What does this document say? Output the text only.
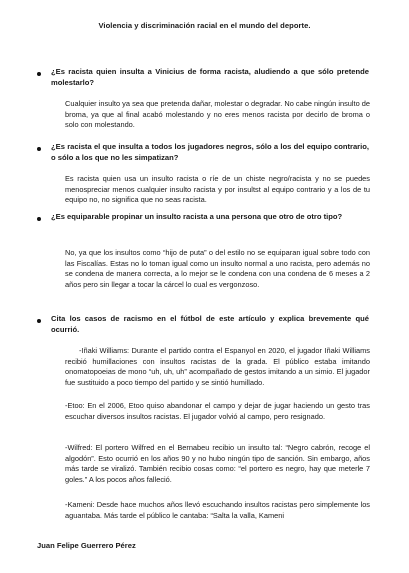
Violencia y discriminación racial en el mundo del deporte.
¿Es racista quien insulta a Vinicius de forma racista, aludiendo a que sólo pretende molestarlo?
Cualquier insulto ya sea que pretenda dañar, molestar o degradar. No cabe ningún insulto de broma, ya que al final acabó molestando y no eres menos racista por decirlo de broma o solo con molestando.
¿Es racista el que insulta a todos los jugadores negros, sólo a los del equipo contrario, o sólo a los que no les simpatizan?
Es racista quien usa un insulto racista o ríe de un chiste negro/racista y no se puedes menospreciar menos cualquier insulto racista y por insultst al equipo contrario y a los de tu equipo no, no significa que no seas racista.
¿Es equiparable propinar un insulto racista a una persona que otro de otro tipo?
No, ya que los insultos como “hijo de puta” o del estilo no se equiparan igual sobre todo con las Fiscalías. Estas no lo toman igual como un insulto normal a uno racista, pero además no se condena de manera correcta, a lo mejor se le condena con una condena de 6 meses a 2 años pero sin llegar a tocar la cárcel lo cual es vergonzoso.
Cita los casos de racismo en el fútbol de este artículo y explica brevemente qué ocurrió.
-Iñaki Williams: Durante el partido contra el Espanyol en 2020, el jugador Iñaki Williams recibió humillaciones con insultos racistas de la grada. El público estaba imitando onomatopoeias de mono “uh, uh, uh” acompañado de gestos imitando a un simio. El jugador fue sustituido a poco tiempo del partido y se sintió humillado.
-Etoo: En el 2006, Etoo quiso abandonar el campo y dejar de jugar haciendo un gesto tras escuchar diversos insultos racistas. El jugador volvió al campo, pero resignado.
-Wilfred: El portero Wilfred en el Bernabeu recibio un insulto tal: “Negro cabrón, recoge el algodón”. Esto ocurrió en los años 90 y no hubo ningún tipo de sanción. Sin embargo, años más tarde se viralizó. También recibio cosas como: “el portero es negro, hay que meterle 7 goles.” A los pocos años falleció.
-Kameni: Desde hace muchos años llevó escuchando insultos racistas pero simplemente los aguantaba. Más tarde el público le cantaba: “Salta la valla, Kameni
Juan Felipe Guerrero Pérez
